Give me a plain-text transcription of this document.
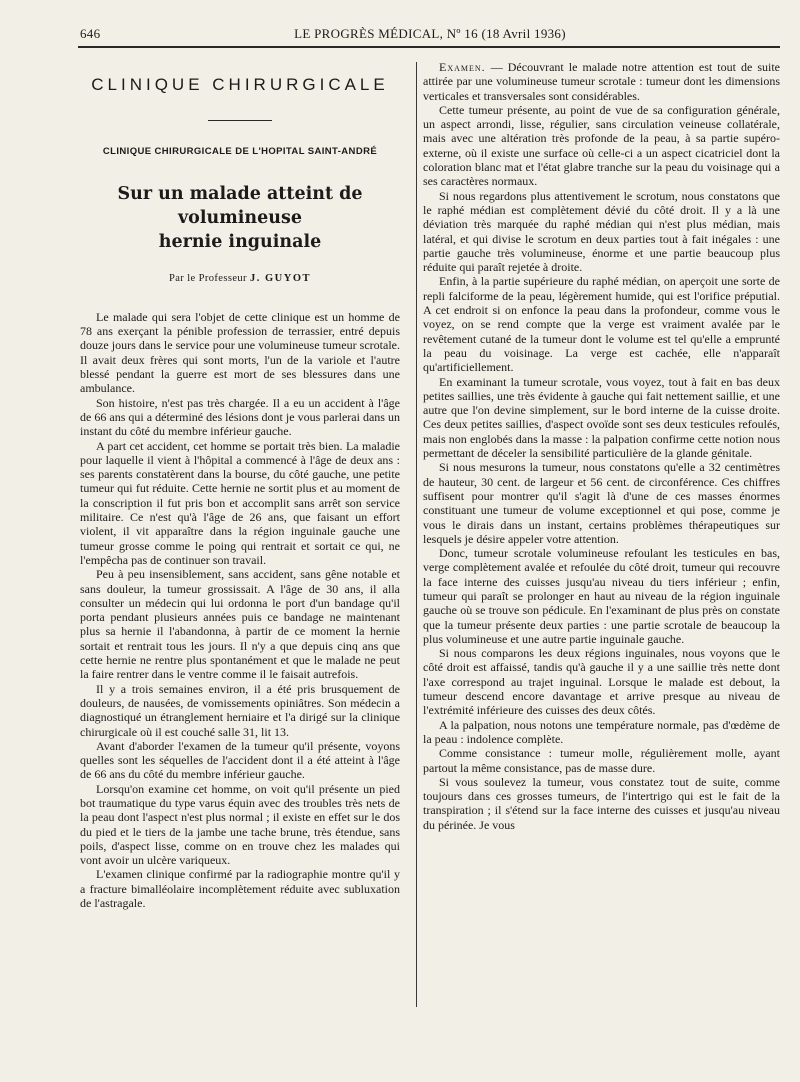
646	LE PROGRÈS MÉDICAL, Nº 16 (18 Avril 1936)
CLINIQUE CHIRURGICALE
CLINIQUE CHIRURGICALE DE L'HOPITAL SAINT-ANDRÉ
Sur un malade atteint de volumineuse
hernie inguinale
Par le Professeur J. GUYOT

Le malade qui sera l'objet de cette clinique est un homme de 78 ans exerçant la pénible profession de terrassier, entré depuis douze jours dans le service pour une volumineuse tumeur scrotale. Il avait deux frères qui sont morts, l'un de la variole et l'autre blessé pendant la guerre est mort de ses blessures dans une ambulance.

Son histoire, n'est pas très chargée. Il a eu un accident à l'âge de 66 ans qui a déterminé des lésions dont je vous parlerai dans un instant du côté du membre inférieur gauche.

A part cet accident, cet homme se portait très bien. La maladie pour laquelle il vient à l'hôpital a commencé à l'âge de deux ans : ses parents constatèrent dans la bourse, du côté gauche, une petite tumeur qui fut réduite. Cette hernie ne sortit plus et au moment de la conscription il fut pris bon et accomplit sans arrêt son service militaire. Ce n'est qu'à l'âge de 26 ans, que faisant un effort violent, il vit apparaître dans la région inguinale gauche une tumeur grosse comme le poing qui rentrait et sortait ce qui, ne l'empêcha pas de continuer son travail.

Peu à peu insensiblement, sans accident, sans gêne notable et sans douleur, la tumeur grossissait. A l'âge de 30 ans, il alla consulter un médecin qui lui ordonna le port d'un bandage qu'il porta pendant plusieurs années puis ce bandage ne maintenant plus sa hernie il l'abandonna, à partir de ce moment la hernie sortait et rentrait tous les jours. Il n'y a que depuis cinq ans que cette hernie ne rentre plus spontanément et que le malade ne peut la faire rentrer dans le ventre comme il le faisait autrefois.

Il y a trois semaines environ, il a été pris brusquement de douleurs, de nausées, de vomissements opiniâtres. Son médecin a diagnostiqué un étranglement herniaire et l'a dirigé sur la clinique chirurgicale où il est couché salle 31, lit 13.

Avant d'aborder l'examen de la tumeur qu'il présente, voyons quelles sont les séquelles de l'accident dont il a été atteint à l'âge de 66 ans du côté du membre inférieur gauche.

Lorsqu'on examine cet homme, on voit qu'il présente un pied bot traumatique du type varus équin avec des troubles très nets de la peau dont l'aspect n'est plus normal ; il existe en effet sur le dos du pied et le tiers de la jambe une tache brune, très étendue, sans poils, d'aspect lisse, comme on en trouve chez les malades qui vont avoir un ulcère variqueux.

L'examen clinique confirmé par la radiographie montre qu'il y a fracture bimalléolaire incomplètement réduite avec subluxation de l'astragale.

Examen. — Découvrant le malade notre attention est tout de suite attirée par une volumineuse tumeur scrotale : tumeur dont les dimensions verticales et transversales sont considérables.

Cette tumeur présente, au point de vue de sa configuration générale, un aspect arrondi, lisse, régulier, sans circulation veineuse collatérale, mais avec une altération très profonde de la peau, à sa partie supéro-externe, où il existe une surface où celle-ci a un aspect cicatriciel dont la coloration blanc mat et l'état glabre tranche sur la peau du voisinage qui a ses caractères normaux.

Si nous regardons plus attentivement le scrotum, nous constatons que le raphé médian est complètement dévié du côté droit. Il y a là une déviation très marquée du raphé médian qui n'est plus médian, mais latéral, et qui divise le scrotum en deux parties tout à fait inégales : une partie gauche très volumineuse, énorme et une partie beaucoup plus réduite qui paraît rejetée à droite.

Enfin, à la partie supérieure du raphé médian, on aperçoit une sorte de repli falciforme de la peau, légèrement humide, qui est l'orifice préputial. A cet endroit si on enfonce la peau dans la profondeur, comme vous le voyez, on se rend compte que la verge est vraiment avalée par le revêtement cutané de la tumeur dont le volume est tel qu'elle a emprunté la peau du voisinage. La verge est cachée, elle n'apparaît qu'artificiellement.

En examinant la tumeur scrotale, vous voyez, tout à fait en bas deux petites saillies, une très évidente à gauche qui fait nettement saillie, et une autre que l'on devine simplement, sur le bord interne de la cuisse droite. Ces deux petites saillies, d'aspect ovoïde sont ses deux testicules refoulés, mais non englobés dans la masse : la palpation confirme cette notion nous permettant de déceler la sensibilité particulière de la glande génitale.

Si nous mesurons la tumeur, nous constatons qu'elle a 32 centimètres de hauteur, 30 cent. de largeur et 56 cent. de circonférence. Ces chiffres suffisent pour montrer qu'il s'agit là d'une de ces masses énormes constituant une tumeur de volume exceptionnel et qui pose, comme je vous le dirais dans un instant, certains problèmes thérapeutiques sur lesquels je désire appeler votre attention.

Donc, tumeur scrotale volumineuse refoulant les testicules en bas, verge complètement avalée et refoulée du côté droit, tumeur qui recouvre la face interne des cuisses jusqu'au niveau du tiers inférieur ; enfin, tumeur qui paraît se prolonger en haut au niveau de la région inguinale gauche où se trouve son pédicule. En l'examinant de plus près on constate que la tumeur présente deux parties : une partie scrotale de beaucoup la plus volumineuse et une autre partie inguinale gauche.

Si nous comparons les deux régions inguinales, nous voyons que le côté droit est affaissé, tandis qu'à gauche il y a une saillie très nette dont l'axe correspond au trajet inguinal. Lorsque le malade est debout, la tumeur descend encore davantage et arrive presque au niveau de l'extrémité inférieure des cuisses des deux côtés.

A la palpation, nous notons une température normale, pas d'œdème de la peau : indolence complète.

Comme consistance : tumeur molle, régulièrement molle, ayant partout la même consistance, pas de masse dure.

Si vous soulevez la tumeur, vous constatez tout de suite, comme toujours dans ces grosses tumeurs, de l'intertrigo qui est le fait de la transpiration ; il s'étend sur la face interne des cuisses et jusqu'au niveau du périnée. Je vous
